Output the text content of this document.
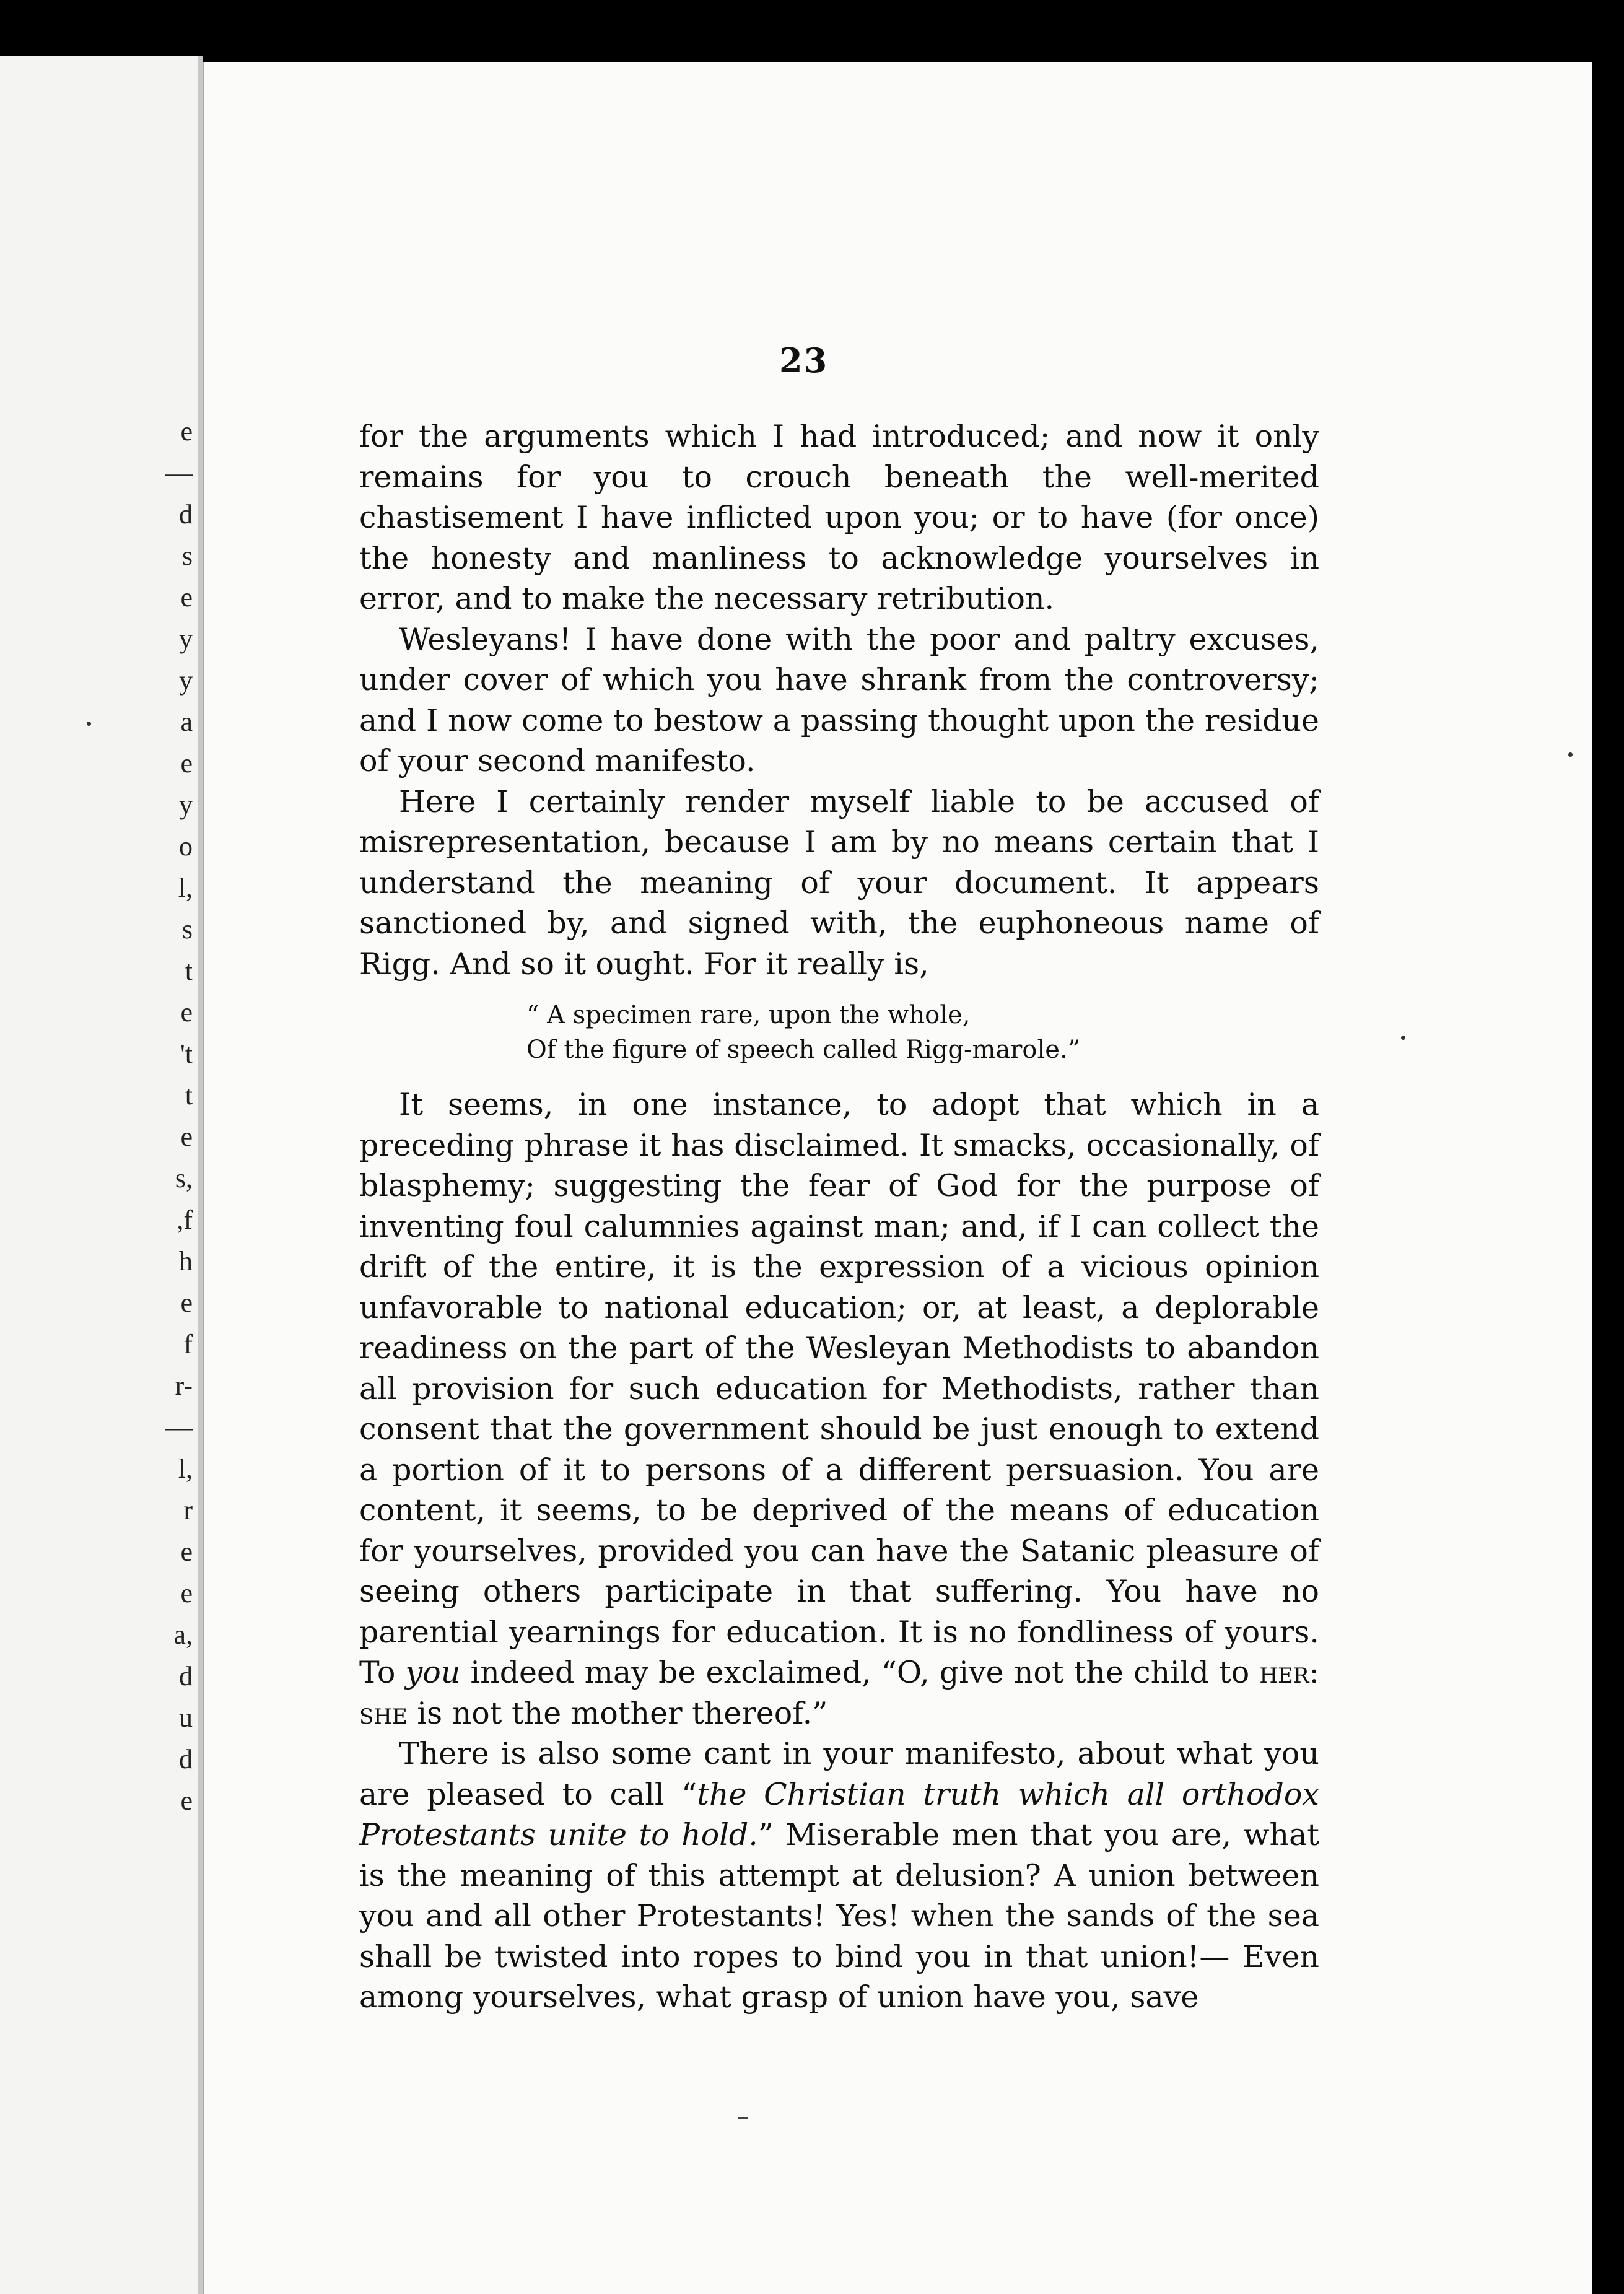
e
—
d
s
e
y
y
a
e
y
o
l,
s
t
e
't
t
e
s,
,f
h
e
f
r-
—
l,
r
e
e
a,
d
u
d
e
23

for the arguments which I had introduced; and now it only remains for you to crouch beneath the well-merited chastisement I have inflicted upon you; or to have (for once) the honesty and manliness to acknowledge yourselves in error, and to make the necessary retribution.

Wesleyans! I have done with the poor and paltry excuses, under cover of which you have shrank from the controversy; and I now come to bestow a passing thought upon the residue of your second manifesto.

Here I certainly render myself liable to be accused of misrepresentation, because I am by no means certain that I understand the meaning of your document. It appears sanctioned by, and signed with, the euphoneous name of Rigg. And so it ought. For it really is,

“ A specimen rare, upon the whole,
Of the figure of speech called Rigg-marole.”

It seems, in one instance, to adopt that which in a preceding phrase it has disclaimed. It smacks, occasionally, of blasphemy; suggesting the fear of God for the purpose of inventing foul calumnies against man; and, if I can collect the drift of the entire, it is the expression of a vicious opinion unfavorable to national education; or, at least, a deplorable readiness on the part of the Wesleyan Methodists to abandon all provision for such education for Methodists, rather than consent that the government should be just enough to extend a portion of it to persons of a different persuasion. You are content, it seems, to be deprived of the means of education for yourselves, provided you can have the Satanic pleasure of seeing others participate in that suffering. You have no parential yearnings for education. It is no fondliness of yours. To you indeed may be exclaimed, “O, give not the child to her: she is not the mother thereof.”

There is also some cant in your manifesto, about what you are pleased to call “the Christian truth which all orthodox Protestants unite to hold.” Miserable men that you are, what is the meaning of this attempt at delusion? A union between you and all other Protestants! Yes! when the sands of the sea shall be twisted into ropes to bind you in that union!— Even among yourselves, what grasp of union have you, save
